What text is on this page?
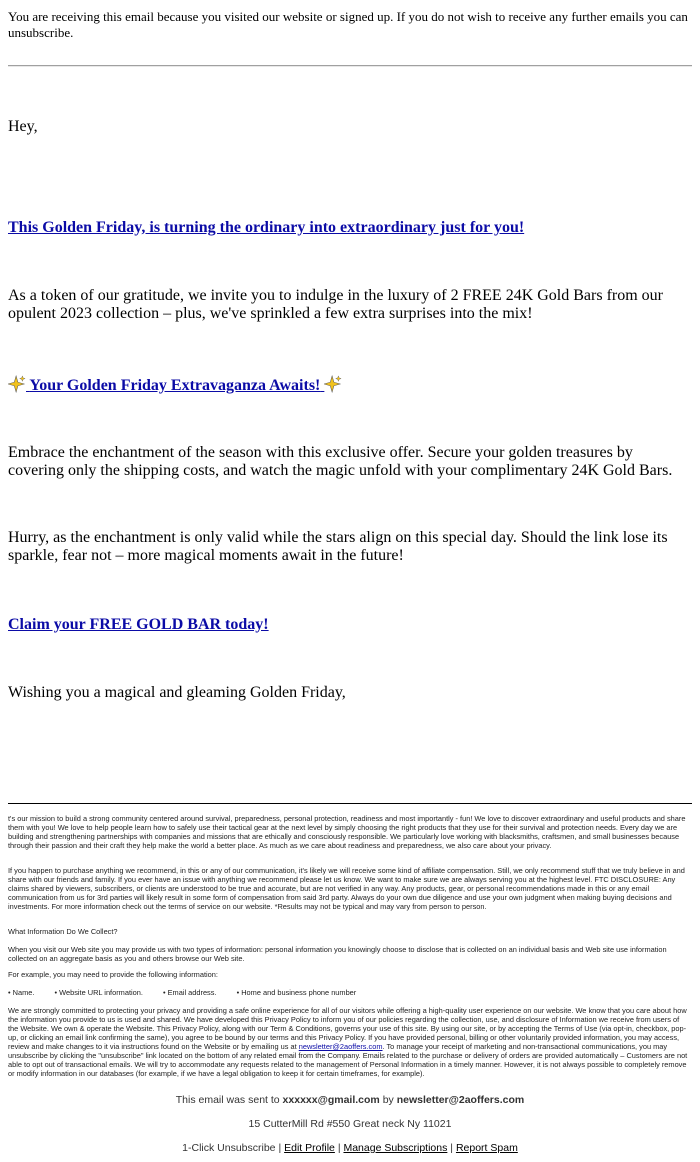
You are receiving this email because you visited our website or signed up. If you do not wish to receive any further emails you can unsubscribe.
Hey,
This Golden Friday, is turning the ordinary into extraordinary just for you!
As a token of our gratitude, we invite you to indulge in the luxury of 2 FREE 24K Gold Bars from our opulent 2023 collection – plus, we've sprinkled a few extra surprises into the mix!
Your Golden Friday Extravaganza Awaits!
Embrace the enchantment of the season with this exclusive offer. Secure your golden treasures by covering only the shipping costs, and watch the magic unfold with your complimentary 24K Gold Bars.
Hurry, as the enchantment is only valid while the stars align on this special day. Should the link lose its sparkle, fear not – more magical moments await in the future!
Claim your FREE GOLD BAR today!
Wishing you a magical and gleaming Golden Friday,
t's our mission to build a strong community centered around survival, preparedness, personal protection, readiness and most importantly - fun! We love to discover extraordinary and useful products and share them with you! We love to help people learn how to safely use their tactical gear at the next level by simply choosing the right products that they use for their survival and protection needs. Every day we are building and strengthening partnerships with companies and missions that are ethically and consciously responsible. We particularly love working with blacksmiths, craftsmen, and small businesses because through their passion and their craft they help make the world a better place. As much as we care about readiness and preparedness, we also care about your privacy.
If you happen to purchase anything we recommend, in this or any of our communication, it's likely we will receive some kind of affiliate compensation. Still, we only recommend stuff that we truly believe in and share with our friends and family. If you ever have an issue with anything we recommend please let us know. We want to make sure we are always serving you at the highest level. FTC DISCLOSURE: Any claims shared by viewers, subscribers, or clients are understood to be true and accurate, but are not verified in any way. Any products, gear, or personal recommendations made in this or any email communication from us for 3rd parties will likely result in some form of compensation from said 3rd party. Always do your own due diligence and use your own judgment when making buying decisions and investments. For more information check out the terms of service on our website. *Results may not be typical and may vary from person to person.
What Information Do We Collect?
When you visit our Web site you may provide us with two types of information: personal information you knowingly choose to disclose that is collected on an individual basis and Web site use information collected on an aggregate basis as you and others browse our Web site.
For example, you may need to provide the following information:
• Name.	• Website URL information.	• Email address.	• Home and business phone number
We are strongly committed to protecting your privacy and providing a safe online experience for all of our visitors while offering a high-quality user experience on our website. We know that you care about how the information you provide to us is used and shared. We have developed this Privacy Policy to inform you of our policies regarding the collection, use, and disclosure of Information we receive from users of the Website. We own & operate the Website. This Privacy Policy, along with our Term & Conditions, governs your use of this site. By using our site, or by accepting the Terms of Use (via opt-in, checkbox, pop-up, or clicking an email link confirming the same), you agree to be bound by our terms and this Privacy Policy. If you have provided personal, billing or other voluntarily provided information, you may access, review and make changes to it via instructions found on the Website or by emailing us at newsletter@2aoffers.com. To manage your receipt of marketing and non-transactional communications, you may unsubscribe by clicking the "unsubscribe" link located on the bottom of any related email from the Company. Emails related to the purchase or delivery of orders are provided automatically – Customers are not able to opt out of transactional emails. We will try to accommodate any requests related to the management of Personal Information in a timely manner. However, it is not always possible to completely remove or modify information in our databases (for example, if we have a legal obligation to keep it for certain timeframes, for example).
This email was sent to xxxxxx@gmail.com by newsletter@2aoffers.com
15 CutterMill Rd #550 Great neck Ny 11021
1-Click Unsubscribe | Edit Profile | Manage Subscriptions | Report Spam
